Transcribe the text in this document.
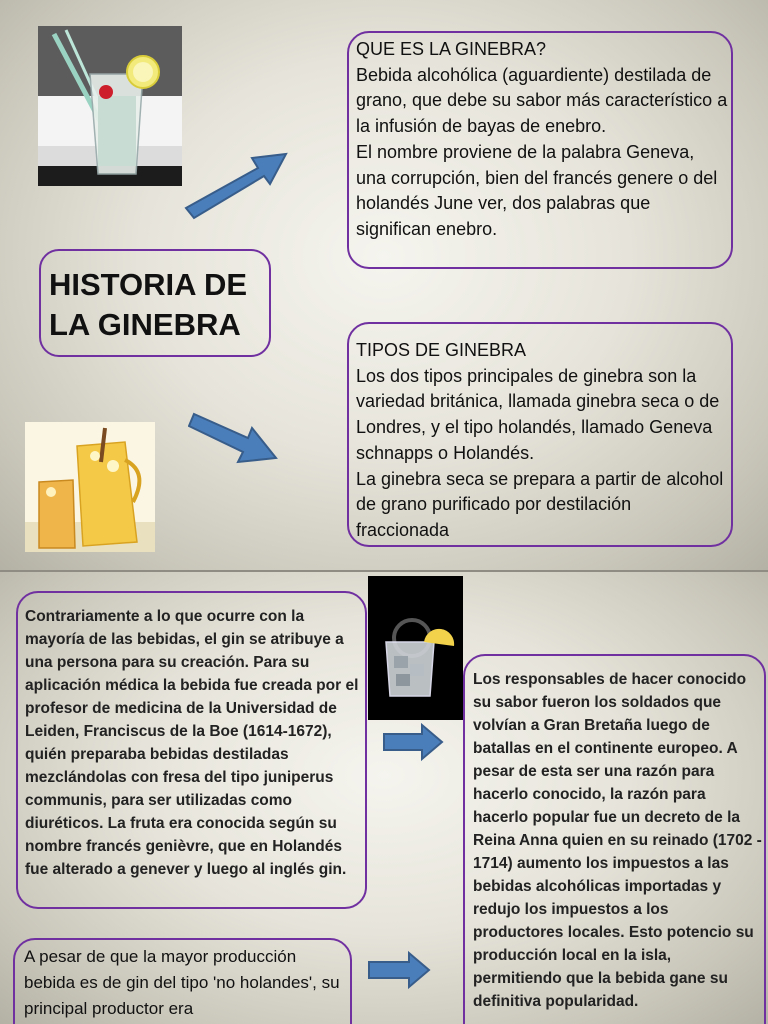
HISTORIA DE
LA GINEBRA
QUE ES LA GINEBRA?
Bebida alcohólica (aguardiente) destilada de grano, que debe su sabor más característico a la infusión de bayas de enebro.
El nombre proviene de la palabra Geneva, una corrupción, bien del francés genere o del holandés June ver, dos palabras que significan enebro.
TIPOS DE GINEBRA
Los dos tipos principales de ginebra son la variedad británica, llamada ginebra seca o de Londres, y el tipo holandés, llamado Geneva schnapps o Holandés.
La ginebra seca se prepara a partir de alcohol de grano purificado por destilación fraccionada
Contrariamente a lo que ocurre con la mayoría de las bebidas, el gin se atribuye a una persona para su creación. Para su aplicación médica la bebida fue creada por el profesor de medicina de la Universidad de Leiden, Franciscus de la Boe (1614-1672), quién preparaba bebidas destiladas mezclándolas con fresa del tipo juniperus communis, para ser utilizadas como diuréticos. La fruta era conocida según su nombre francés genièvre, que en Holandés fue alterado a genever y luego al inglés gin.
A pesar de que la mayor producción bebida es de gin del tipo 'no holandes', su principal productor era
Los responsables de hacer conocido su sabor fueron los soldados que volvían a Gran Bretaña luego de batallas en el continente europeo. A pesar de esta ser una razón para hacerlo conocido, la razón para hacerlo popular fue un decreto de la Reina Anna quien en su reinado (1702 - 1714) aumento los impuestos a las bebidas alcohólicas importadas y redujo los impuestos a los productores locales. Esto potencio su producción local en la isla, permitiendo que la bebida gane su definitiva popularidad.
